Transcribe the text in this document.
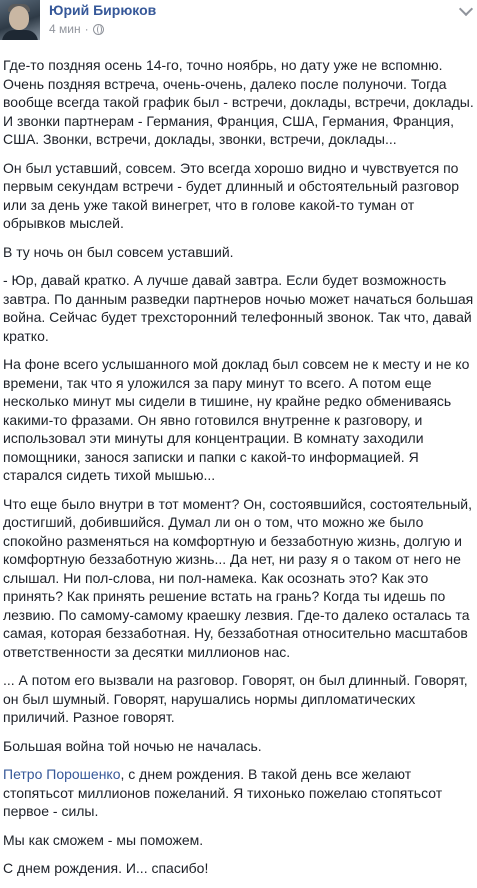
Юрий Бирюков
4 мин ·

Где-то поздняя осень 14-го, точно ноябрь, но дату уже не вспомню. Очень поздняя встреча, очень-очень, далеко после полуночи. Тогда вообще всегда такой график был - встречи, доклады, встречи, доклады. И звонки партнерам - Германия, Франция, США, Германия, Франция, США. Звонки, встречи, доклады, звонки, встречи, доклады...

Он был уставший, совсем. Это всегда хорошо видно и чувствуется по первым секундам встречи - будет длинный и обстоятельный разговор или за день уже такой винегрет, что в голове какой-то туман от обрывков мыслей.

В ту ночь он был совсем уставший.

- Юр, давай кратко. А лучше давай завтра. Если будет возможность завтра. По данным разведки партнеров ночью может начаться большая война. Сейчас будет трехсторонний телефонный звонок. Так что, давай кратко.

На фоне всего услышанного мой доклад был совсем не к месту и не ко времени, так что я уложился за пару минут то всего. А потом еще несколько минут мы сидели в тишине, ну крайне редко обмениваясь какими-то фразами. Он явно готовился внутренне к разговору, и использовал эти минуты для концентрации. В комнату заходили помощники, занося записки и папки с какой-то информацией. Я старался сидеть тихой мышью...

Что еще было внутри в тот момент? Он, состоявшийся, состоятельный, достигший, добившийся. Думал ли он о том, что можно же было спокойно разменяться на комфортную и беззаботную жизнь, долгую и комфортную беззаботную жизнь... Да нет, ни разу я о таком от него не слышал. Ни пол-слова, ни пол-намека. Как осознать это? Как это принять? Как принять решение встать на грань? Когда ты идешь по лезвию. По самому-самому краешку лезвия. Где-то далеко осталась та самая, которая беззаботная. Ну, беззаботная относительно масштабов ответственности за десятки миллионов нас.

... А потом его вызвали на разговор. Говорят, он был длинный. Говорят, он был шумный. Говорят, нарушались нормы дипломатических приличий. Разное говорят.

Большая война той ночью не началась.

Петро Порошенко, с днем рождения. В такой день все желают стопятьсот миллионов пожеланий. Я тихонько пожелаю стопятьсот первое - силы.

Мы как сможем - мы поможем.

С днем рождения. И... спасибо!
